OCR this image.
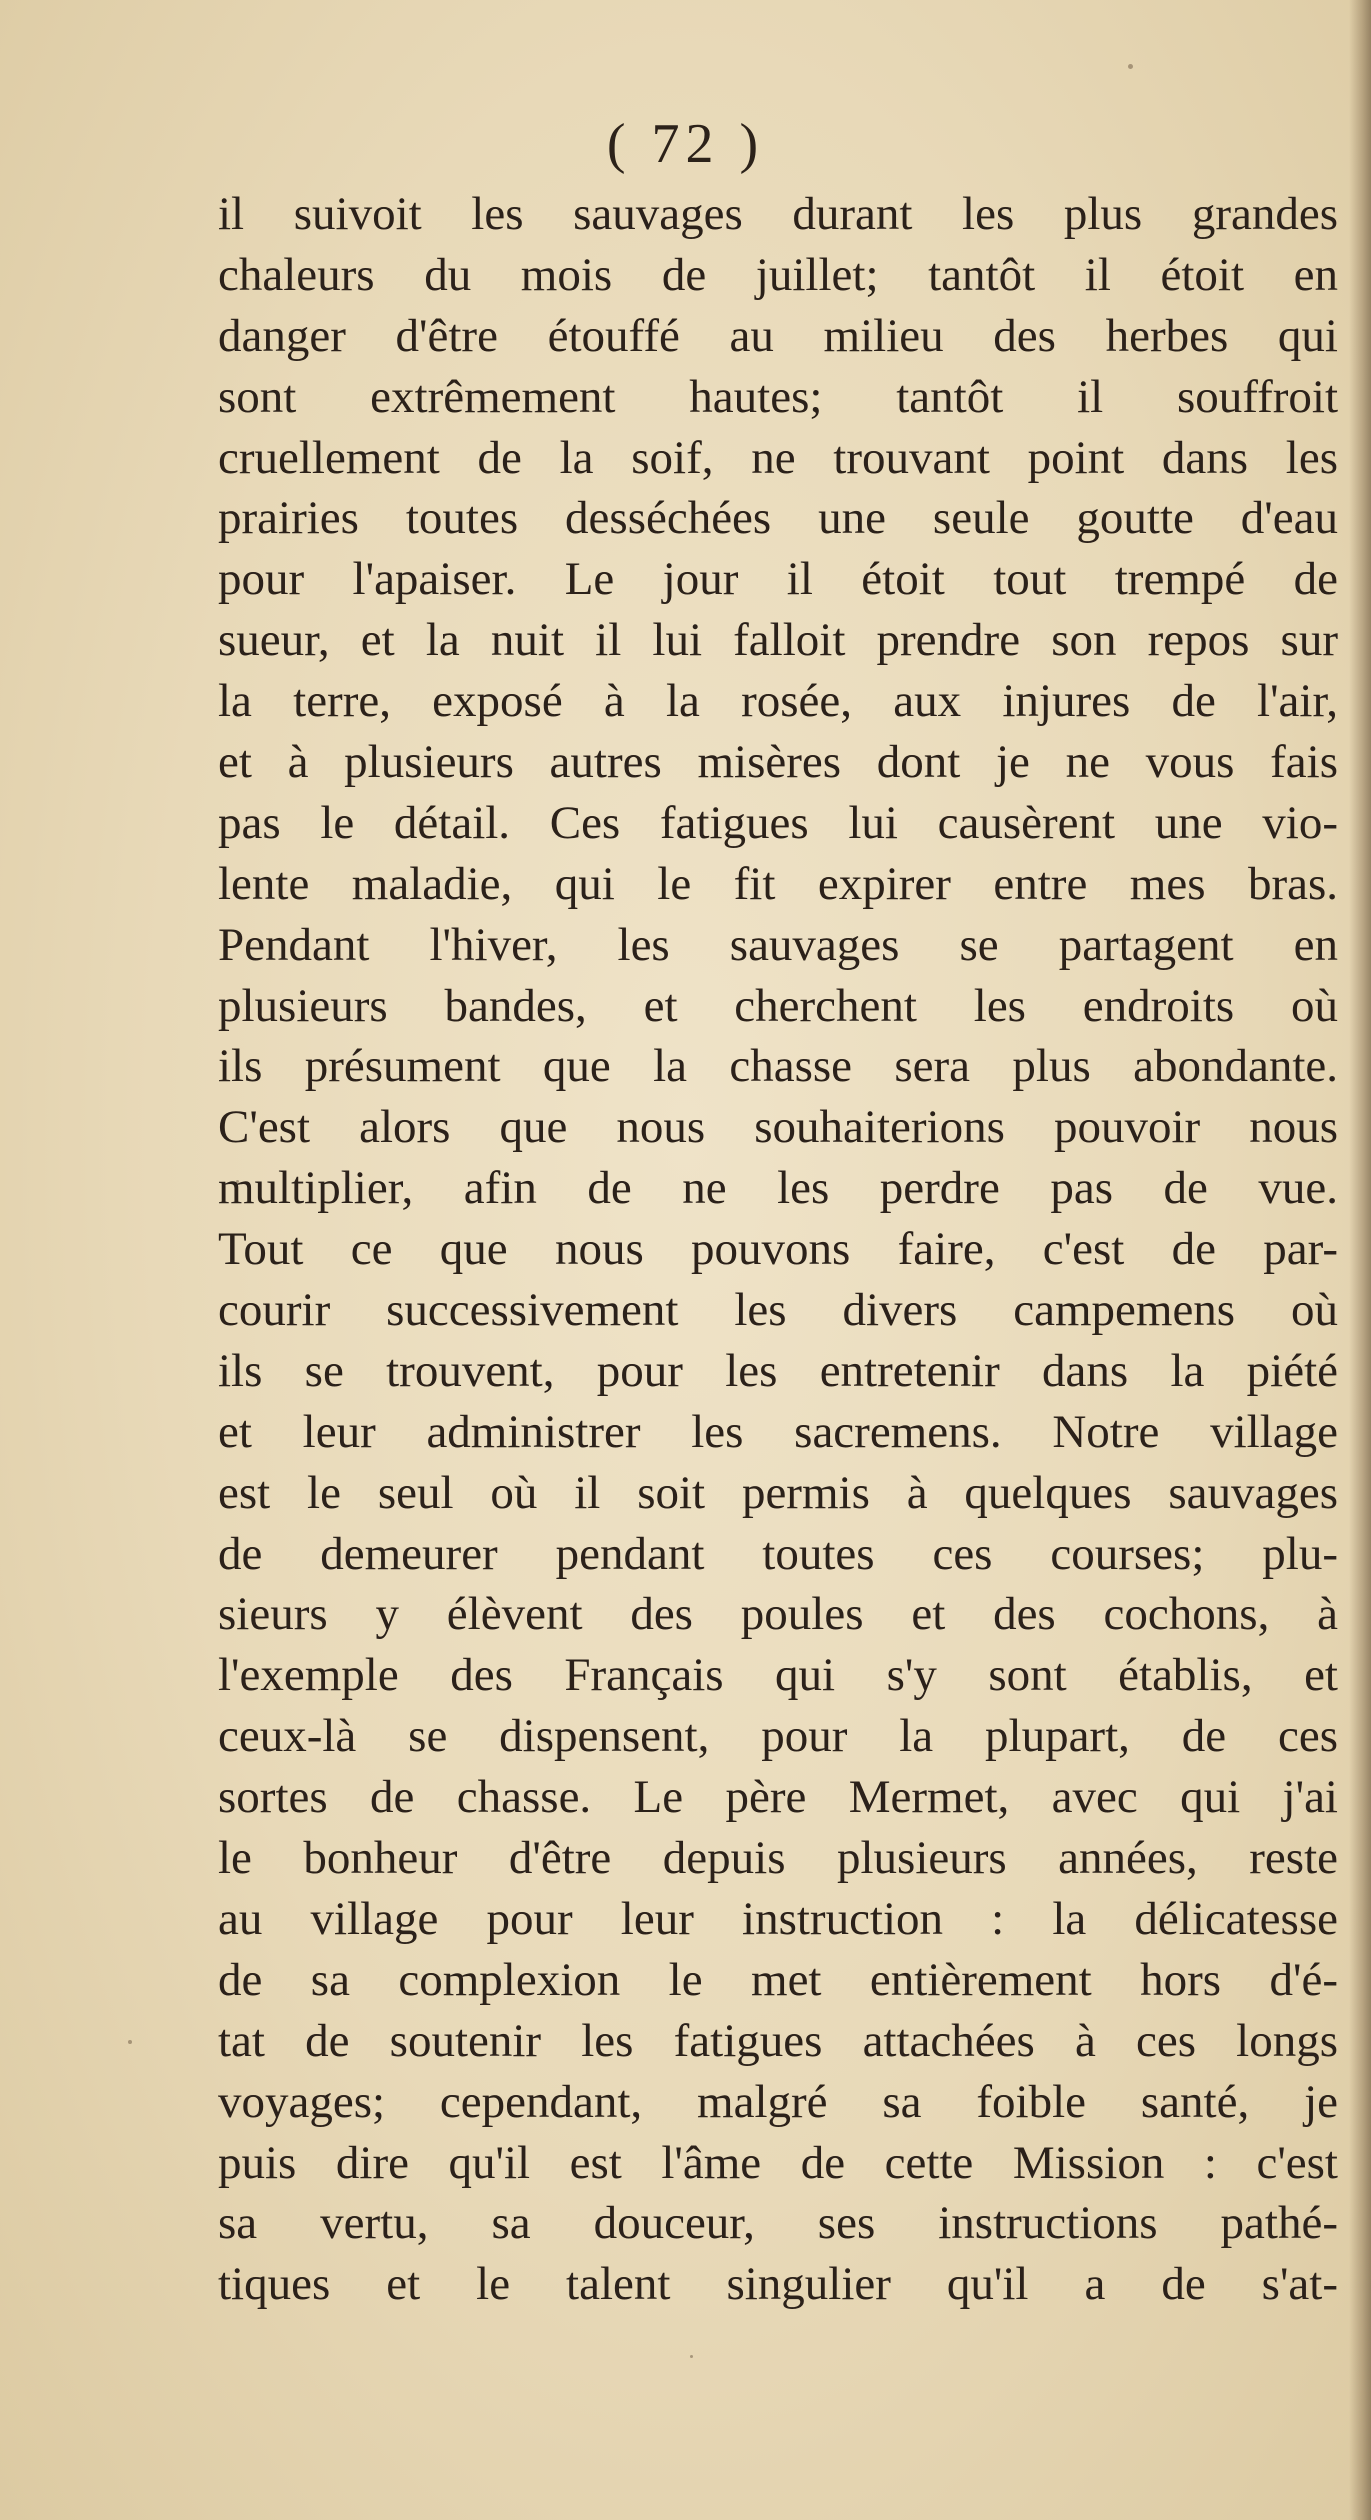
( 72 )
il suivoit les sauvages durant les plus grandes
chaleurs du mois de juillet; tantôt il étoit en
danger d'être étouffé au milieu des herbes qui
sont extrêmement hautes; tantôt il souffroit
cruellement de la soif, ne trouvant point dans les
prairies toutes desséchées une seule goutte d'eau
pour l'apaiser. Le jour il étoit tout trempé de
sueur, et la nuit il lui falloit prendre son repos sur
la terre, exposé à la rosée, aux injures de l'air,
et à plusieurs autres misères dont je ne vous fais
pas le détail. Ces fatigues lui causèrent une vio-
lente maladie, qui le fit expirer entre mes bras.
Pendant l'hiver, les sauvages se partagent en
plusieurs bandes, et cherchent les endroits où
ils présument que la chasse sera plus abondante.
C'est alors que nous souhaiterions pouvoir nous
multiplier, afin de ne les perdre pas de vue.
Tout ce que nous pouvons faire, c'est de par-
courir successivement les divers campemens où
ils se trouvent, pour les entretenir dans la piété
et leur administrer les sacremens. Notre village
est le seul où il soit permis à quelques sauvages
de demeurer pendant toutes ces courses; plu-
sieurs y élèvent des poules et des cochons, à
l'exemple des Français qui s'y sont établis, et
ceux-là se dispensent, pour la plupart, de ces
sortes de chasse. Le père Mermet, avec qui j'ai
le bonheur d'être depuis plusieurs années, reste
au village pour leur instruction : la délicatesse
de sa complexion le met entièrement hors d'é-
tat de soutenir les fatigues attachées à ces longs
voyages; cependant, malgré sa foible santé, je
puis dire qu'il est l'âme de cette Mission : c'est
sa vertu, sa douceur, ses instructions pathé-
tiques et le talent singulier qu'il a de s'at-
